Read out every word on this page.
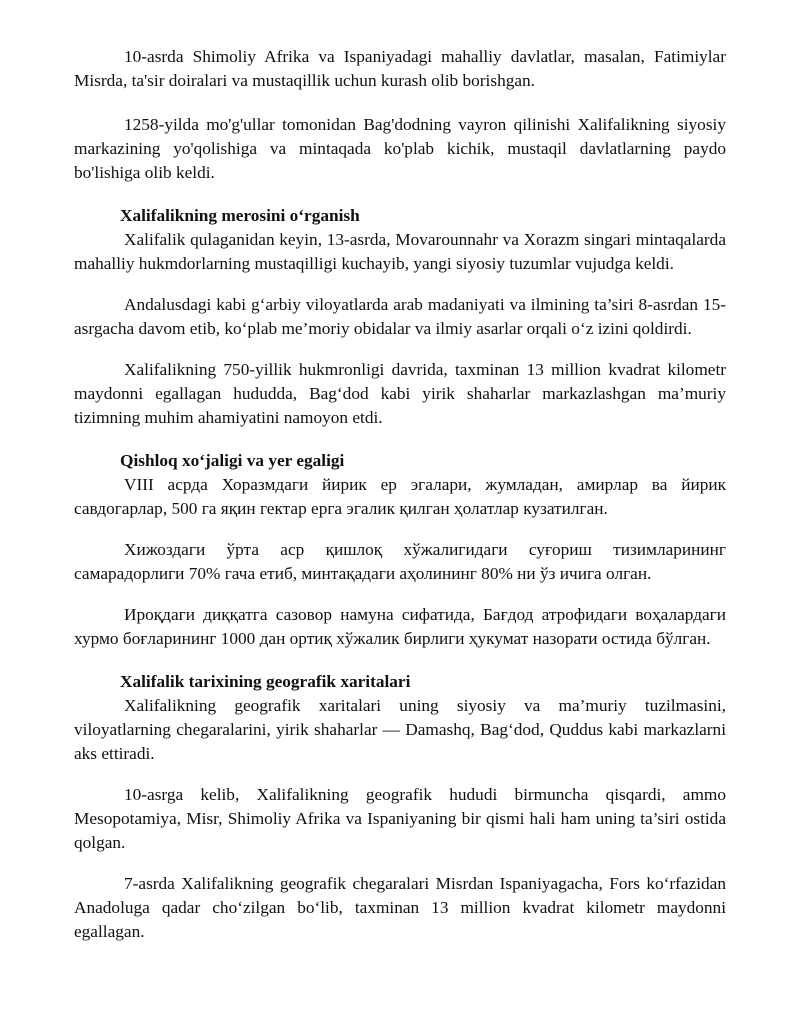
10-asrda Shimoliy Afrika va Ispaniyadagi mahalliy davlatlar, masalan, Fatimiylar Misrda, ta'sir doiralari va mustaqillik uchun kurash olib borishgan.

1258-yilda mo'g'ullar tomonidan Bag'dodning vayron qilinishi Xalifalikning siyosiy markazining yo'qolishiga va mintaqada ko'plab kichik, mustaqil davlatlarning paydo bo'lishiga olib keldi.

Xalifalikning merosini o‘rganish

Xalifalik qulaganidan keyin, 13-asrda, Movarounnahr va Xorazm singari mintaqalarda mahalliy hukmdorlarning mustaqilligi kuchayib, yangi siyosiy tuzumlar vujudga keldi.

Andalusdagi kabi g‘arbiy viloyatlarda arab madaniyati va ilmining ta’siri 8-asrdan 15-asrgacha davom etib, ko‘plab me’moriy obidalar va ilmiy asarlar orqali o‘z izini qoldirdi.

Xalifalikning 750-yillik hukmronligi davrida, taxminan 13 million kvadrat kilometr maydonni egallagan hududda, Bag‘dod kabi yirik shaharlar markazlashgan ma’muriy tizimning muhim ahamiyatini namoyon etdi.

Qishloq xo‘jaligi va yer egaligi

VIII асрда Хоразмдаги йирик ер эгалари, жумладан, амирлар ва йирик савдогарлар, 500 га яқин гектар ерга эгалик қилган ҳолатлар кузатилган.

Хижоздаги ўрта аср қишлоқ хўжалигидаги суғориш тизимларининг самарадорлиги 70% гача етиб, минтақадаги аҳолининг 80% ни ўз ичига олган.

Ироқдаги диққатга сазовор намуна сифатида, Бағдод атрофидаги воҳалардаги хурмо боғларининг 1000 дан ортиқ хўжалик бирлиги ҳукумат назорати остида бўлган.

Xalifalik tarixining geografik xaritalari

Xalifalikning geografik xaritalari uning siyosiy va ma’muriy tuzilmasini, viloyatlarning chegaralarini, yirik shaharlar — Damashq, Bag‘dod, Quddus kabi markazlarni aks ettiradi.

10-asrga kelib, Xalifalikning geografik hududi birmuncha qisqardi, ammo Mesopotamiya, Misr, Shimoliy Afrika va Ispaniyaning bir qismi hali ham uning ta’siri ostida qolgan.

7-asrda Xalifalikning geografik chegaralari Misrdan Ispaniyagacha, Fors ko‘rfazidan Anadoluga qadar cho‘zilgan bo‘lib, taxminan 13 million kvadrat kilometr maydonni egallagan.
